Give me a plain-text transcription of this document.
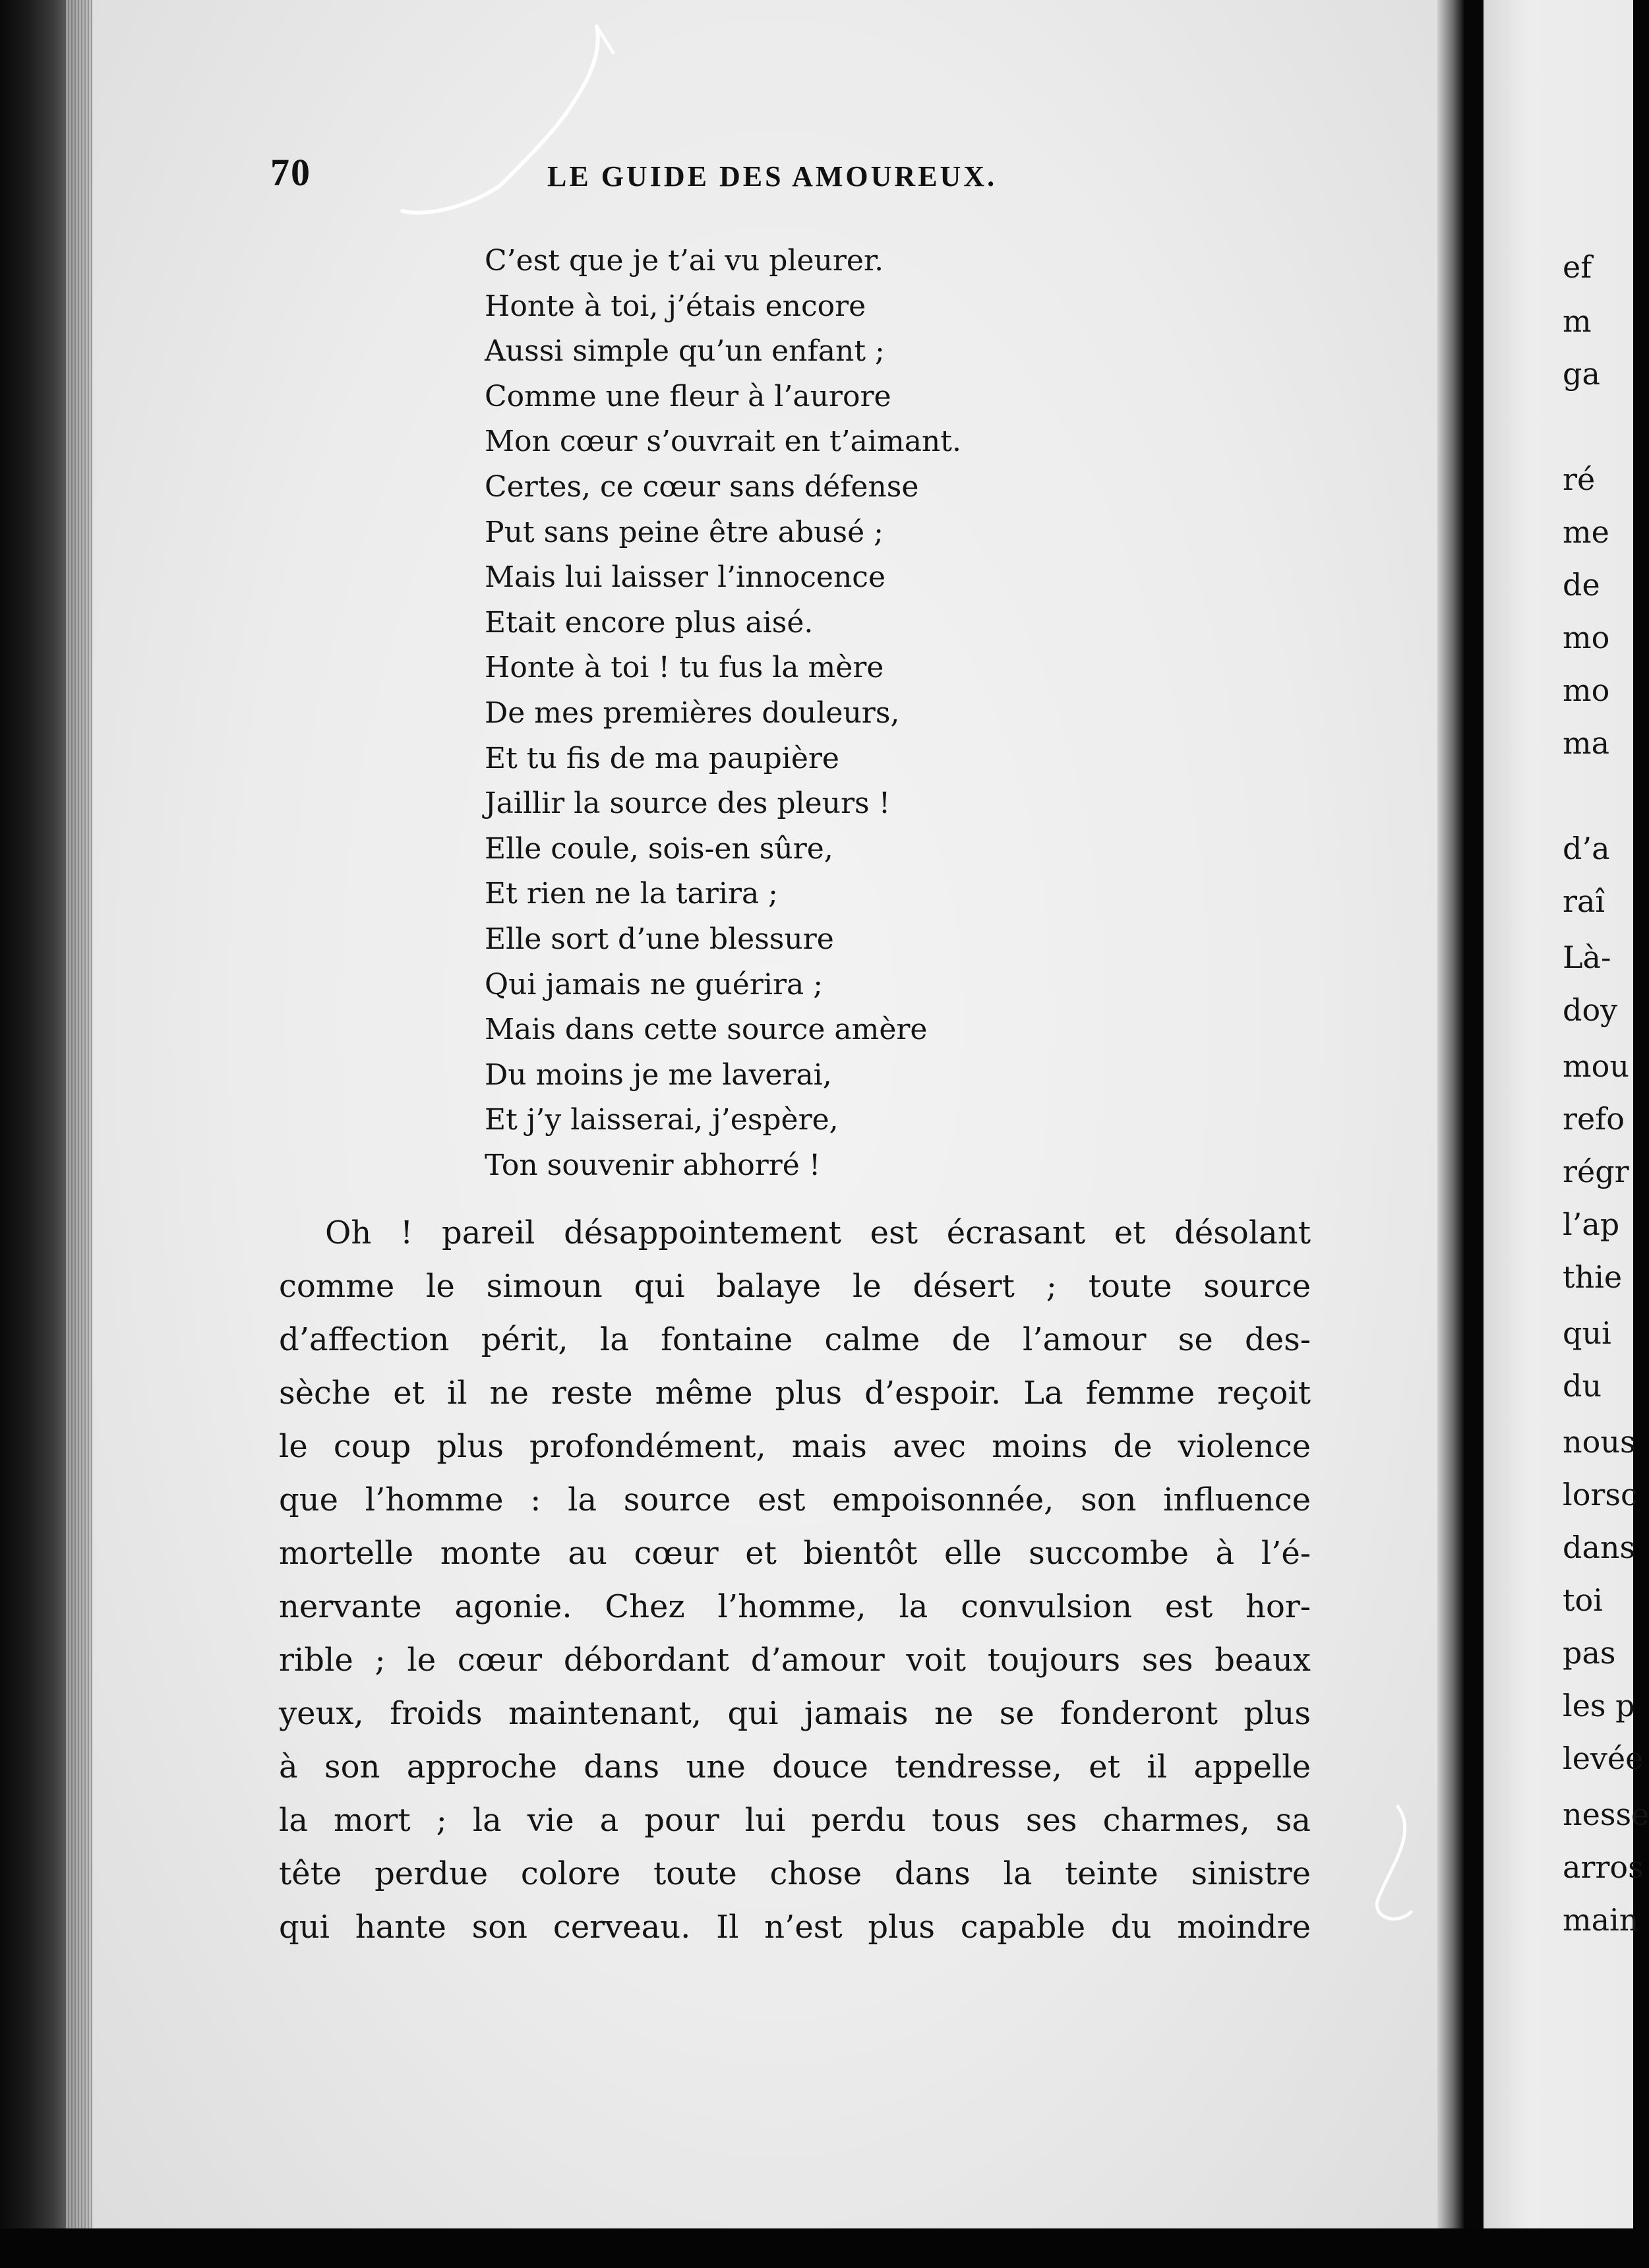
70	LE GUIDE DES AMOUREUX.
C’est que je t’ai vu pleurer.
Honte à toi, j’étais encore
Aussi simple qu’un enfant ;
Comme une fleur à l’aurore
Mon cœur s’ouvrait en t’aimant.
Certes, ce cœur sans défense
Put sans peine être abusé ;
Mais lui laisser l’innocence
Etait encore plus aisé.
Honte à toi ! tu fus la mère
De mes premières douleurs,
Et tu fis de ma paupière
Jaillir la source des pleurs !
Elle coule, sois-en sûre,
Et rien ne la tarira ;
Elle sort d’une blessure
Qui jamais ne guérira ;
Mais dans cette source amère
Du moins je me laverai,
Et j’y laisserai, j’espère,
Ton souvenir abhorré !

Oh ! pareil désappointement est écrasant et désolant

comme le simoun qui balaye le désert ; toute source

d’affection périt, la fontaine calme de l’amour se des-

sèche et il ne reste même plus d’espoir. La femme reçoit

le coup plus profondément, mais avec moins de violence

que l’homme : la source est empoisonnée, son influence

mortelle monte au cœur et bientôt elle succombe à l’é-

nervante agonie. Chez l’homme, la convulsion est hor-

rible ; le cœur débordant d’amour voit toujours ses beaux

yeux, froids maintenant, qui jamais ne se fonderont plus

à son approche dans une douce tendresse, et il appelle

la mort ; la vie a pour lui perdu tous ses charmes, sa

tête perdue colore toute chose dans la teinte sinistre

qui hante son cerveau. Il n’est plus capable du moindre

ef
m
ga
ré
me
de
mo
mo
ma
d’a
raî
Là-
doy
mou
refo
régr
l’ap
thie
qui
du
nous
lorsc
dans
toi
pas
les p
levée
nesse
arros
main
